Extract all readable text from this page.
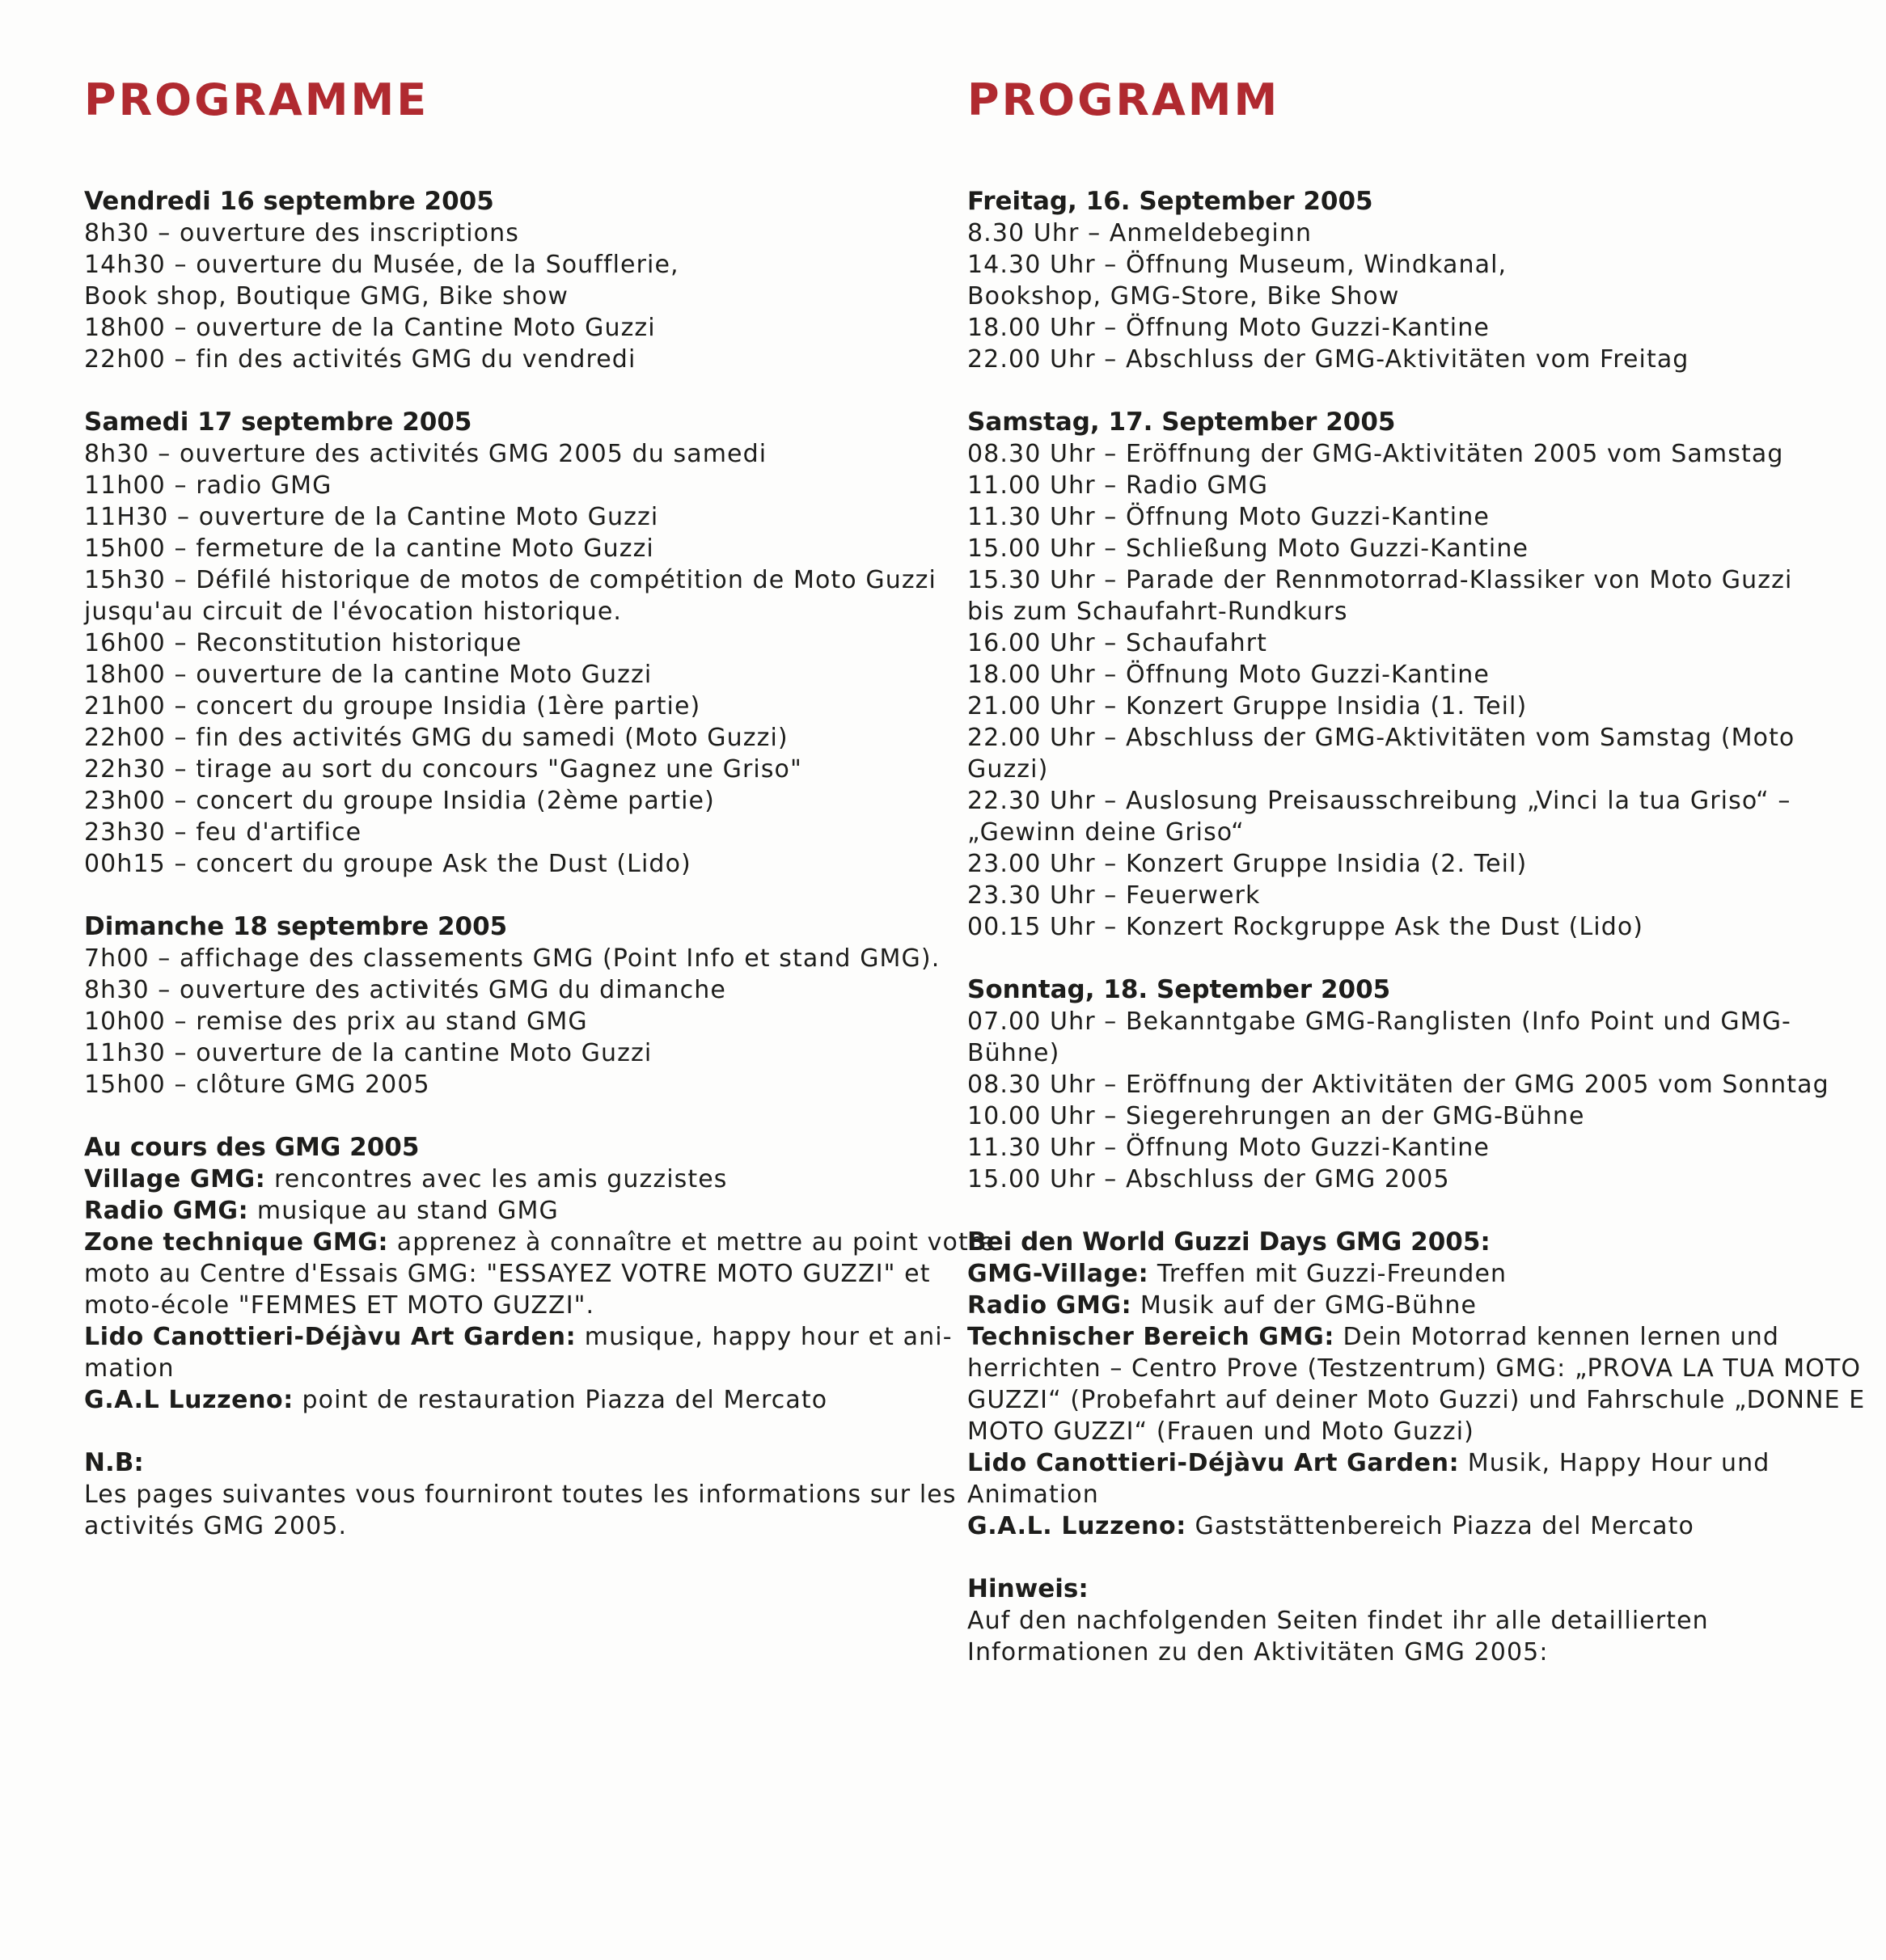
PROGRAMME
Vendredi 16 septembre 2005
8h30 – ouverture des inscriptions
14h30 – ouverture du Musée, de la Soufflerie,
Book shop, Boutique GMG, Bike show
18h00 – ouverture de la Cantine Moto Guzzi
22h00 – fin des activités GMG du vendredi
Samedi 17 septembre 2005
8h30 – ouverture des activités GMG 2005 du samedi
11h00 – radio GMG
11H30 – ouverture de la Cantine Moto Guzzi
15h00 – fermeture de la cantine Moto Guzzi
15h30 – Défilé historique de motos de compétition de Moto Guzzi
jusqu'au circuit de l'évocation historique.
16h00 – Reconstitution historique
18h00 – ouverture de la cantine Moto Guzzi
21h00 – concert du groupe Insidia (1ère partie)
22h00 – fin des activités GMG du samedi (Moto Guzzi)
22h30 – tirage au sort du concours "Gagnez une Griso"
23h00 – concert du groupe Insidia (2ème partie)
23h30 – feu d'artifice
00h15 – concert du groupe Ask the Dust (Lido)
Dimanche 18 septembre 2005
7h00 – affichage des classements GMG (Point Info et stand GMG).
8h30 – ouverture des activités GMG du dimanche
10h00 – remise des prix au stand GMG
11h30 – ouverture de la cantine Moto Guzzi
15h00 – clôture GMG 2005
Au cours des GMG 2005
Village GMG: rencontres avec les amis guzzistes
Radio GMG: musique au stand GMG
Zone technique GMG: apprenez à connaître et mettre au point votre moto au Centre d'Essais GMG: "ESSAYEZ VOTRE MOTO GUZZI" et moto-école "FEMMES ET MOTO GUZZI".
Lido Canottieri-Déjàvu Art Garden: musique, happy hour et ani-mation
G.A.L Luzzeno: point de restauration Piazza del Mercato
N.B:
Les pages suivantes vous fourniront toutes les informations sur les activités GMG 2005.
PROGRAMM
Freitag, 16. September 2005
8.30 Uhr – Anmeldebeginn
14.30 Uhr – Öffnung Museum, Windkanal,
Bookshop, GMG-Store, Bike Show
18.00 Uhr – Öffnung Moto Guzzi-Kantine
22.00 Uhr – Abschluss der GMG-Aktivitäten vom Freitag
Samstag, 17. September 2005
08.30 Uhr – Eröffnung der GMG-Aktivitäten 2005 vom Samstag
11.00 Uhr – Radio GMG
11.30 Uhr – Öffnung Moto Guzzi-Kantine
15.00 Uhr – Schließung Moto Guzzi-Kantine
15.30 Uhr – Parade der Rennmotorrad-Klassiker von Moto Guzzi
bis zum Schaufahrt-Rundkurs
16.00 Uhr – Schaufahrt
18.00 Uhr – Öffnung Moto Guzzi-Kantine
21.00 Uhr – Konzert Gruppe Insidia (1. Teil)
22.00 Uhr – Abschluss der GMG-Aktivitäten vom Samstag (Moto
Guzzi)
22.30 Uhr – Auslosung Preisausschreibung „Vinci la tua Griso“ –
„Gewinn deine Griso“
23.00 Uhr – Konzert Gruppe Insidia (2. Teil)
23.30 Uhr – Feuerwerk
00.15 Uhr – Konzert Rockgruppe Ask the Dust (Lido)
Sonntag, 18. September 2005
07.00 Uhr – Bekanntgabe GMG-Ranglisten (Info Point und GMG-
Bühne)
08.30 Uhr – Eröffnung der Aktivitäten der GMG 2005 vom Sonntag
10.00 Uhr – Siegerehrungen an der GMG-Bühne
11.30 Uhr – Öffnung Moto Guzzi-Kantine
15.00 Uhr – Abschluss der GMG 2005
Bei den World Guzzi Days GMG 2005:
GMG-Village: Treffen mit Guzzi-Freunden
Radio GMG: Musik auf der GMG-Bühne
Technischer Bereich GMG: Dein Motorrad kennen lernen und herrichten – Centro Prove (Testzentrum) GMG: „PROVA LA TUA MOTO GUZZI“ (Probefahrt auf deiner Moto Guzzi) und Fahrschule „DONNE E MOTO GUZZI“ (Frauen und Moto Guzzi)
Lido Canottieri-Déjàvu Art Garden: Musik, Happy Hour und Animation
G.A.L. Luzzeno: Gaststättenbereich Piazza del Mercato
Hinweis:
Auf den nachfolgenden Seiten findet ihr alle detaillierten Informationen zu den Aktivitäten GMG 2005:
